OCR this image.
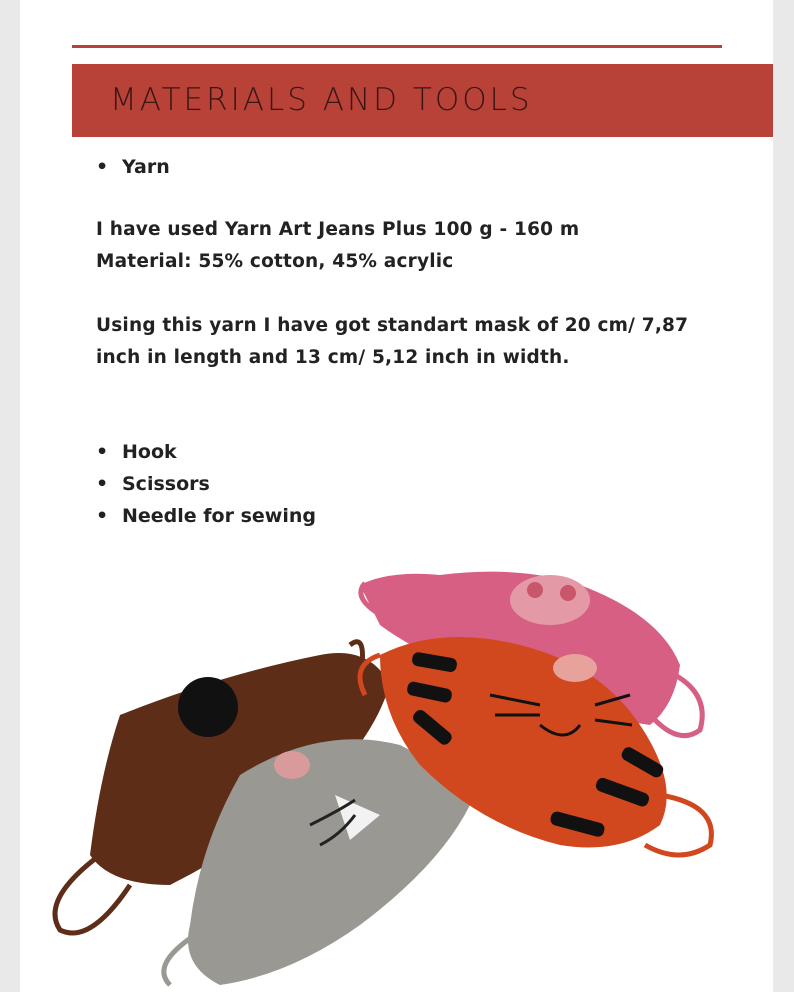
MATERIALS AND TOOLS
• Yarn
I have used Yarn Art Jeans Plus 100 g - 160 m
Material: 55% cotton, 45% acrylic
Using this yarn I have got standart mask of 20 cm/ 7,87
inch in length and 13 cm/ 5,12 inch in width.
• Hook
• Scissors
• Needle for sewing
